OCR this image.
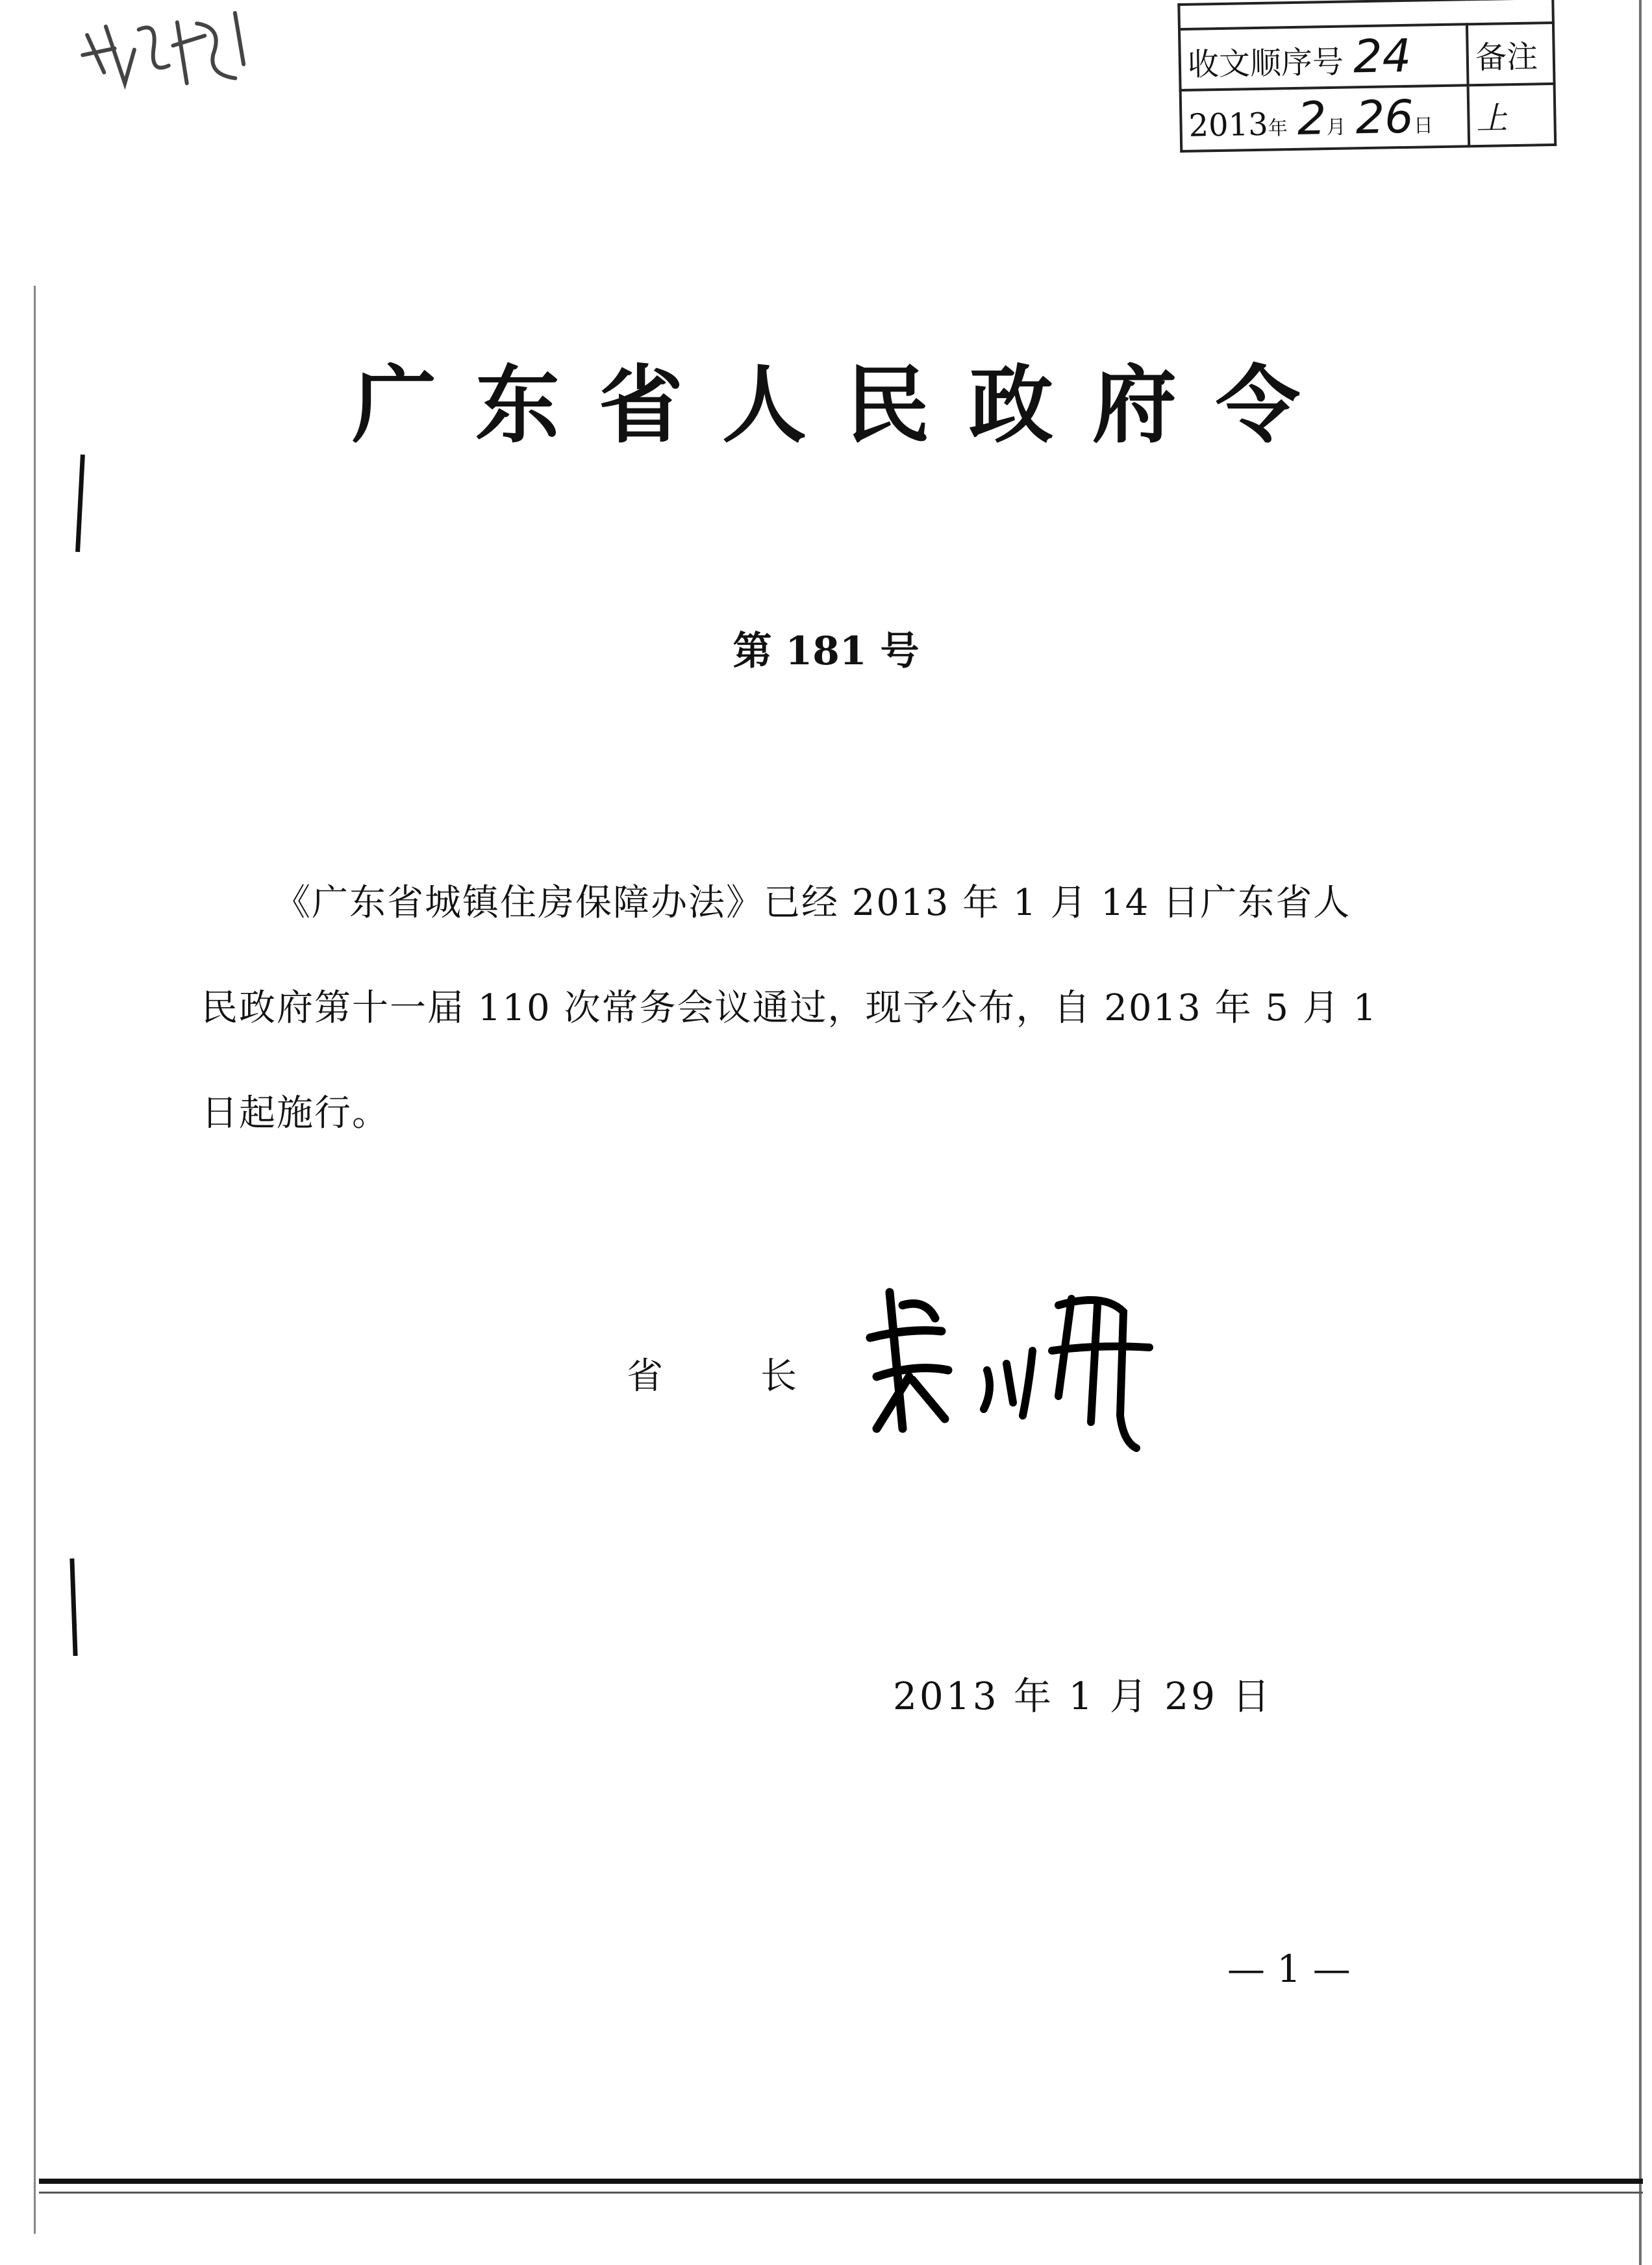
收文顺序号 24	备注
2013年 2月 26日	上
广东省人民政府令
第 181 号
《广东省城镇住房保障办法》已经 2013 年 1 月 14 日广东省人
民政府第十一届 110 次常务会议通过，现予公布，自 2013 年 5 月 1
日起施行。
省	长
2013 年 1 月 29 日
— 1 —
